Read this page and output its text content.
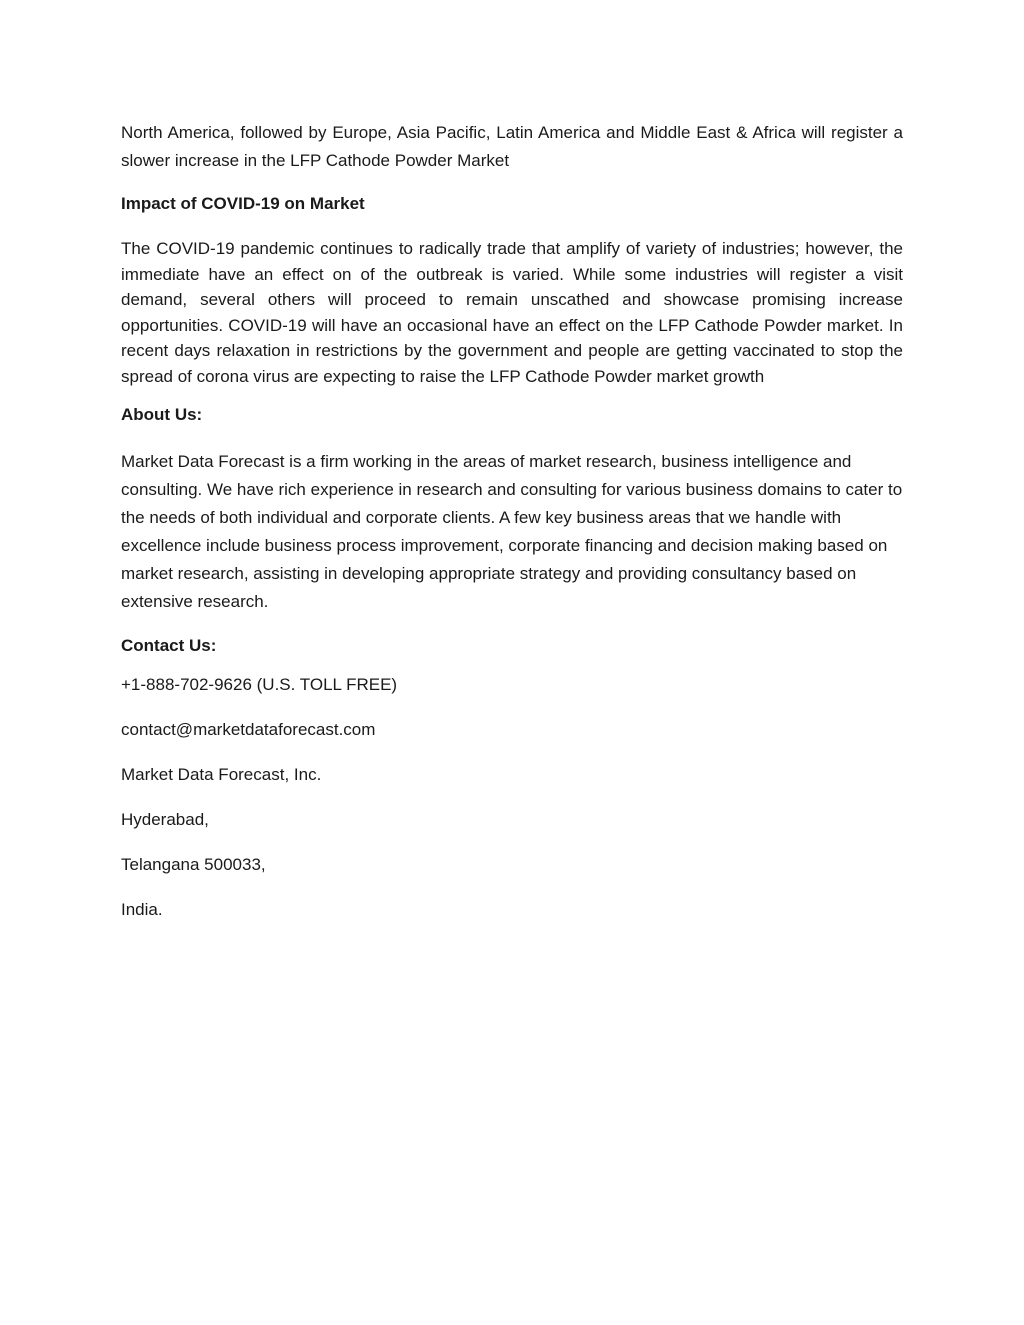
North America, followed by Europe, Asia Pacific, Latin America and Middle East & Africa will register a slower increase in the LFP Cathode Powder Market

Impact of COVID-19 on Market

The COVID-19 pandemic continues to radically trade that amplify of variety of industries; however, the immediate have an effect on of the outbreak is varied. While some industries will register a visit demand, several others will proceed to remain unscathed and showcase promising increase opportunities. COVID-19 will have an occasional have an effect on the LFP Cathode Powder market. In recent days relaxation in restrictions by the government and people are getting vaccinated to stop the spread of corona virus are expecting to raise the LFP Cathode Powder market growth

About Us:

Market Data Forecast is a firm working in the areas of market research, business intelligence and consulting. We have rich experience in research and consulting for various business domains to cater to the needs of both individual and corporate clients. A few key business areas that we handle with excellence include business process improvement, corporate financing and decision making based on market research, assisting in developing appropriate strategy and providing consultancy based on extensive research.

Contact Us:

+1-888-702-9626 (U.S. TOLL FREE)

contact@marketdataforecast.com

Market Data Forecast, Inc.

Hyderabad,

Telangana 500033,

India.
